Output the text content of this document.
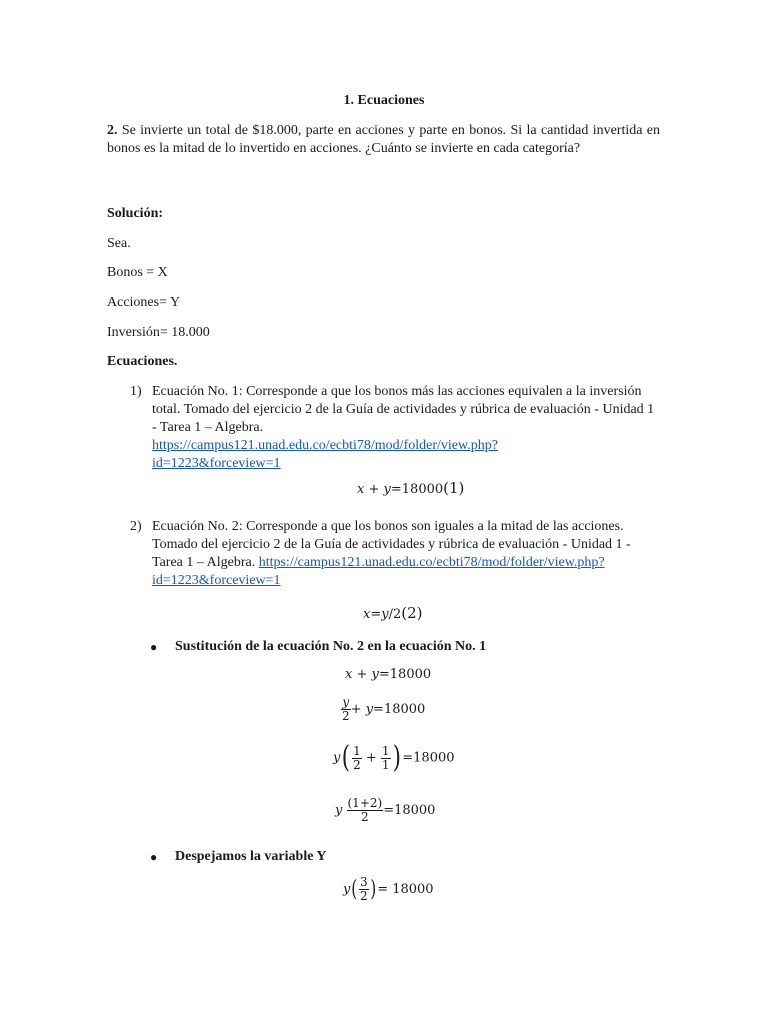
1. Ecuaciones
2. Se invierte un total de $18.000, parte en acciones y parte en bonos. Si la cantidad invertida en bonos es la mitad de lo invertido en acciones. ¿Cuánto se invierte en cada categoría?
Solución:
Sea.
Bonos = X
Acciones= Y
Inversión= 18.000
Ecuaciones.
1) Ecuación No. 1: Corresponde a que los bonos más las acciones equivalen a la inversión total. Tomado del ejercicio 2 de la Guía de actividades y rúbrica de evaluación - Unidad 1 - Tarea 1 – Algebra.
https://campus121.unad.edu.co/ecbti78/mod/folder/view.php?
id=1223&forceview=1
x + y=18000(1)
2) Ecuación No. 2: Corresponde a que los bonos son iguales a la mitad de las acciones. Tomado del ejercicio 2 de la Guía de actividades y rúbrica de evaluación - Unidad 1 - Tarea 1 – Algebra. https://campus121.unad.edu.co/ecbti78/mod/folder/view.php?
id=1223&forceview=1
x=y/2(2)
● Sustitución de la ecuación No. 2 en la ecuación No. 1
x + y=18000
$\frac{y}{2} + y=18000$
$y( \frac{1}{2} + \frac{1}{1}$ ) =18000
y $\frac{(1+2)}{2} =18000$
● Despejamos la variable Y
$y( \frac{3}{2}$ )= 18000
